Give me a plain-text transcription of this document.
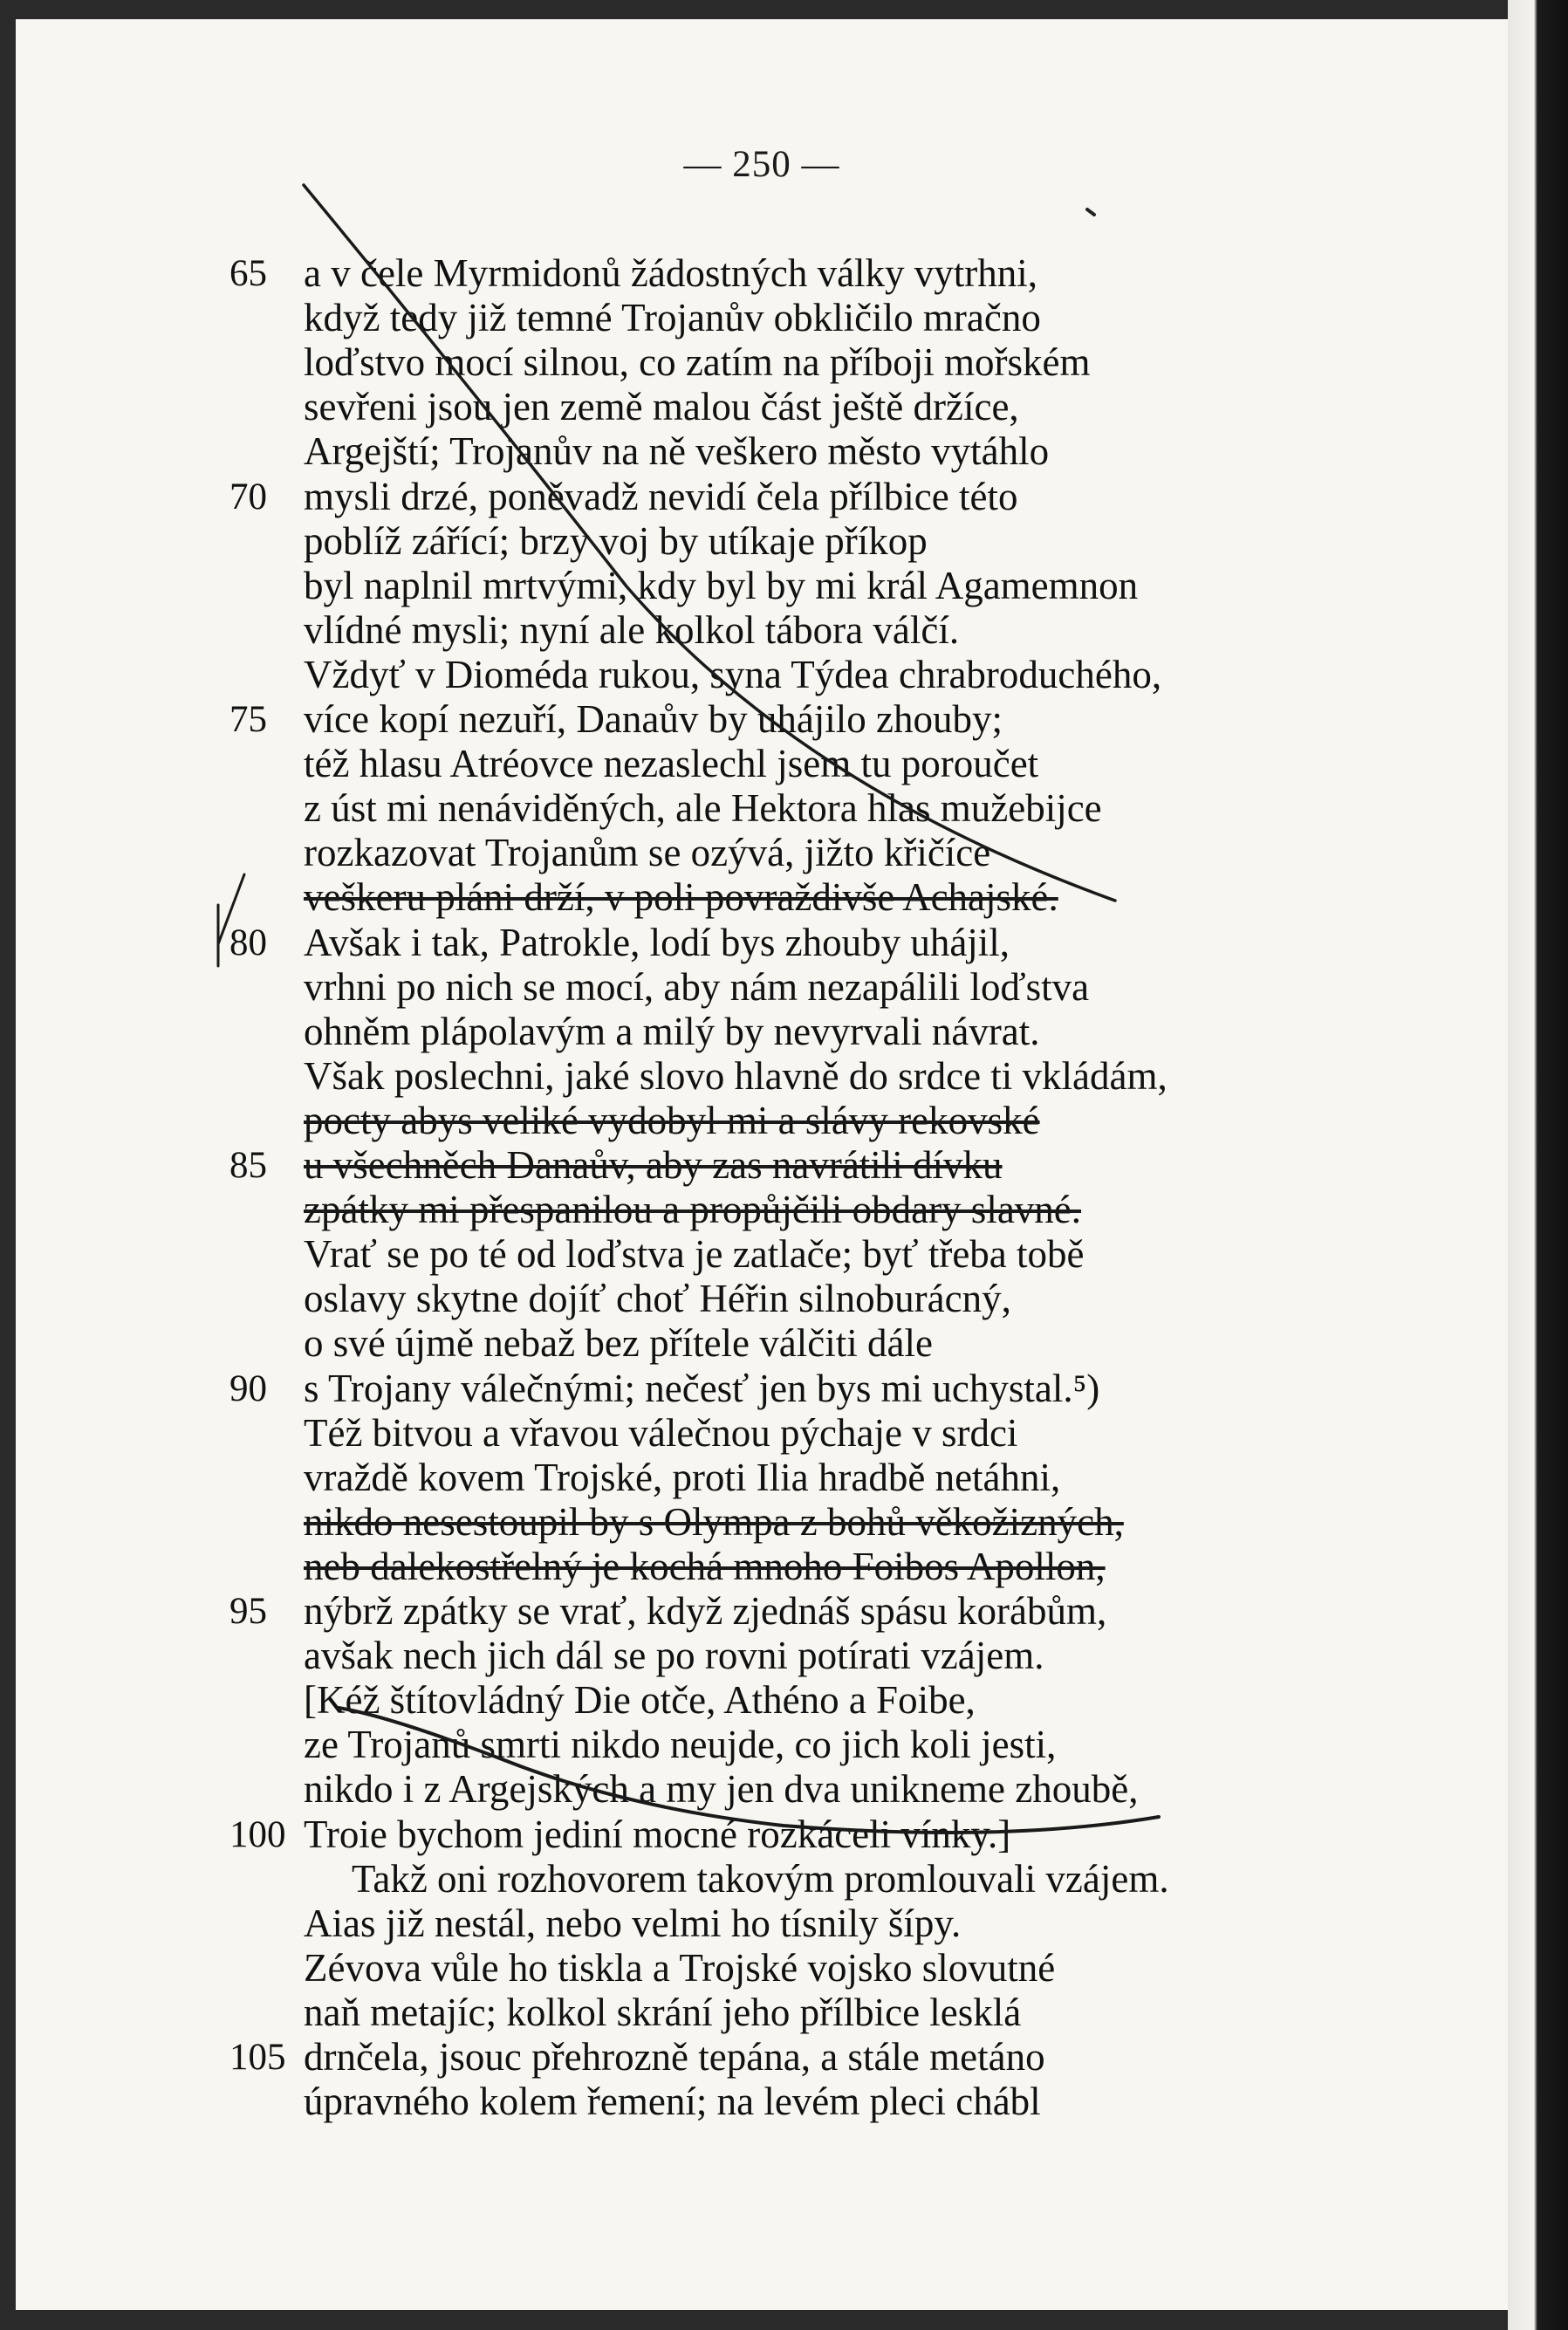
— 250 —
65 a v čele Myrmidonů žádostných války vytrhni,
když tedy již temné Trojanův obkličilo mračno
loďstvo mocí silnou, co zatím na příboji mořském
sevřeni jsou jen země malou část ještě držíce,
Argejští; Trojanův na ně veškero město vytáhlo
70 mysli drzé, poněvadž nevidí čela přílbice této
poblíž zářící; brzy voj by utíkaje příkop
byl naplnil mrtvými, kdy byl by mi král Agamemnon
vlídné mysli; nyní ale kolkol tábora válčí.
Vždyť v Dioméda rukou, syna Týdea chrabroduchého,
75 více kopí nezuří, Danaův by uhájilo zhouby;
též hlasu Atréovce nezaslechl jsem tu poroučet
z úst mi nenáviděných, ale Hektora hlas mužebijce
rozkazovat Trojanům se ozývá, jižto křičíce
veškeru pláni drží, v poli povraždivše Achajské.
80 Avšak i tak, Patrokle, lodí bys zhouby uhájil,
vrhni po nich se mocí, aby nám nezapálili loďstva
ohněm plápolavým a milý by nevyrvali návrat.
Však poslechni, jaké slovo hlavně do srdce ti vkládám,
pocty abys veliké vydobyl mi a slávy rekovské
85 u všechněch Danaův, aby zas navrátili dívku
zpátky mi přespanilou a propůjčili obdary slavné.
Vrať se po té od loďstva je zatlače; byť třeba tobě
oslavy skytne dojíť choť Héřin silnoburácný,
o své újmě nebaž bez přítele válčiti dále
90 s Trojany válečnými; nečesť jen bys mi uchystal.⁵)
Též bitvou a vřavou válečnou pýchaje v srdci
vraždě kovem Trojské, proti Ilia hradbě netáhni,
nikdo nesestoupil by s Olympa z bohů věkožizných,
neb dalekostřelný je kochá mnoho Foibos Apollon,
95 nýbrž zpátky se vrať, když zjednáš spásu korábům,
avšak nech jich dál se po rovni potírati vzájem.
[Kéž štítovládný Die otče, Athéno a Foibe,
ze Trojanů smrti nikdo neujde, co jich koli jesti,
nikdo i z Argejských a my jen dva unikneme zhoubě,
100 Troie bychom jediní mocné rozkáceli vínky.]
Takž oni rozhovorem takovým promlouvali vzájem.
Aias již nestál, nebo velmi ho tísnily šípy.
Zévova vůle ho tiskla a Trojské vojsko slovutné
naň metajíc; kolkol skrání jeho přílbice lesklá
105 drnčela, jsouc přehrozně tepána, a stále metáno
úpravného kolem řemení; na levém pleci chábl
